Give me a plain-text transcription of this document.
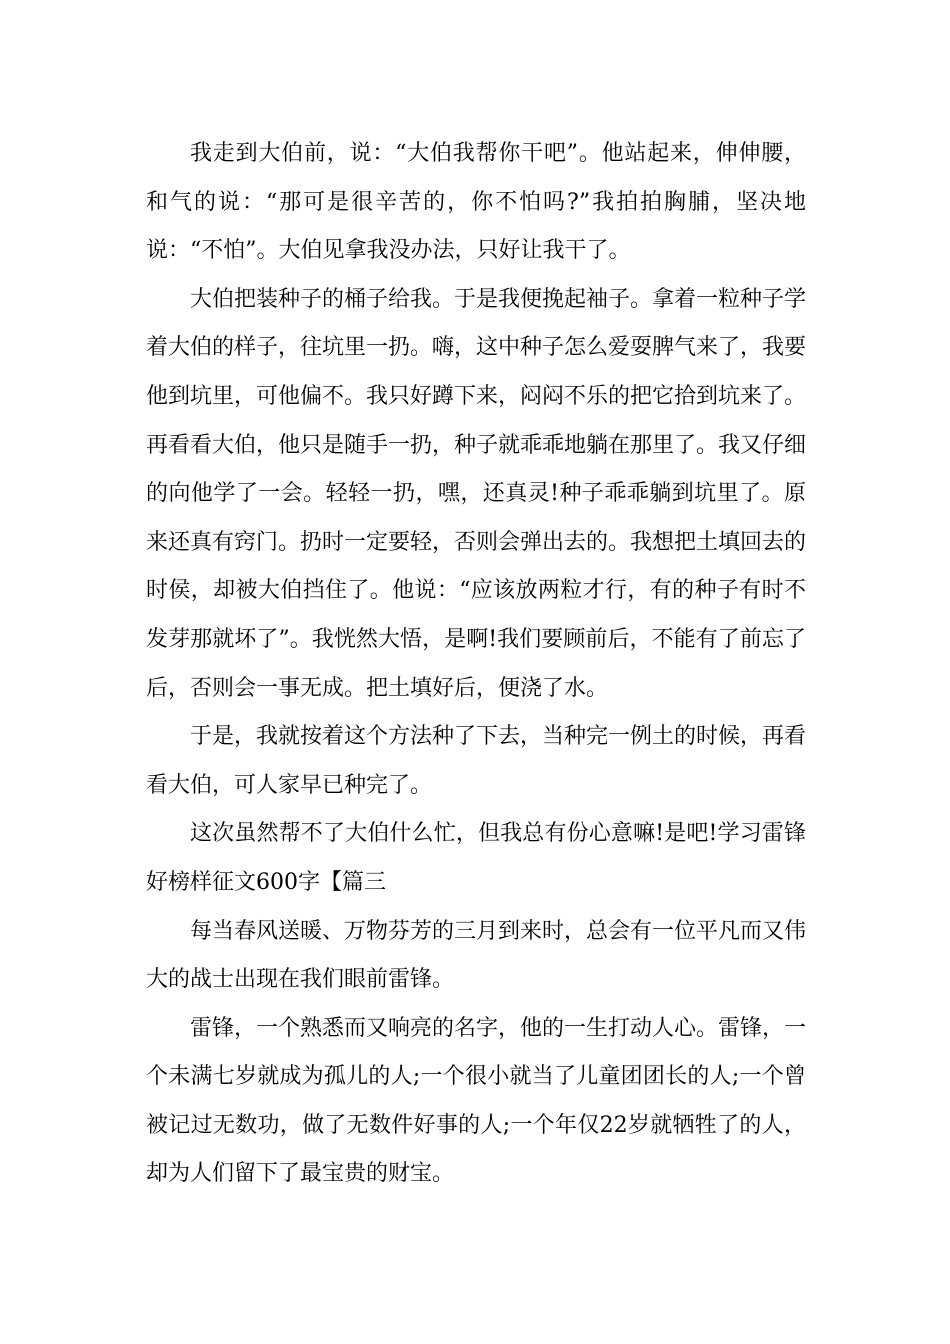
我走到大伯前，说：“大伯我帮你干吧”。他站起来，伸伸腰，和气的说：“那可是很辛苦的，你不怕吗?”我拍拍胸脯，坚决地说：“不怕”。大伯见拿我没办法，只好让我干了。

大伯把装种子的桶子给我。于是我便挽起袖子。拿着一粒种子学着大伯的样子，往坑里一扔。嗨，这中种子怎么爱耍脾气来了，我要他到坑里，可他偏不。我只好蹲下来，闷闷不乐的把它拾到坑来了。再看看大伯，他只是随手一扔，种子就乖乖地躺在那里了。我又仔细的向他学了一会。轻轻一扔，嘿，还真灵!种子乖乖躺到坑里了。原来还真有窍门。扔时一定要轻，否则会弹出去的。我想把土填回去的时侯，却被大伯挡住了。他说：“应该放两粒才行，有的种子有时不发芽那就坏了”。我恍然大悟，是啊!我们要顾前后，不能有了前忘了后，否则会一事无成。把土填好后，便浇了水。

于是，我就按着这个方法种了下去，当种完一例土的时候，再看看大伯，可人家早已种完了。

这次虽然帮不了大伯什么忙，但我总有份心意嘛!是吧!学习雷锋好榜样征文600字【篇三

每当春风送暖、万物芬芳的三月到来时，总会有一位平凡而又伟大的战士出现在我们眼前雷锋。

雷锋，一个熟悉而又响亮的名字，他的一生打动人心。雷锋，一个未满七岁就成为孤儿的人;一个很小就当了儿童团团长的人;一个曾被记过无数功，做了无数件好事的人;一个年仅22岁就牺牲了的人，却为人们留下了最宝贵的财宝。
